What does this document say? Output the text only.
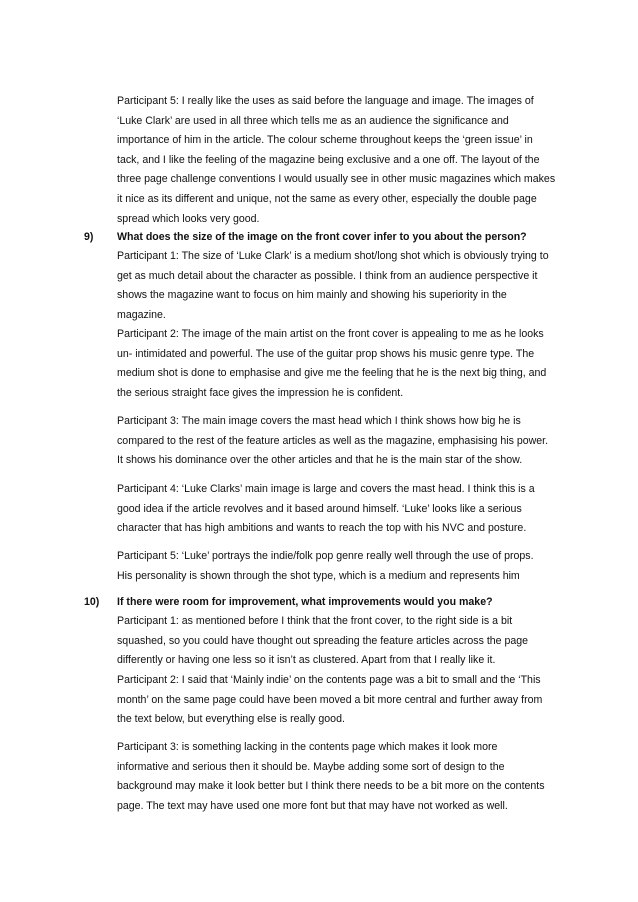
Participant 5: I really like the uses as said before the language and image. The images of
‘Luke Clark’ are used in all three which tells me as an audience the significance and
importance of him in the article. The colour scheme throughout keeps the ‘green issue’ in
tack, and I like the feeling of the magazine being exclusive and a one off. The layout of the
three page challenge conventions I would usually see in other music magazines which makes
it nice as its different and unique, not the same as every other, especially the double page
spread which looks very good.
9) What does the size of the image on the front cover infer to you about the person?
Participant 1: The size of ‘Luke Clark’ is a medium shot/long shot which is obviously trying to
get as much detail about the character as possible. I think from an audience perspective it
shows the magazine want to focus on him mainly and showing his superiority in the
magazine.
Participant 2: The image of the main artist on the front cover is appealing to me as he looks
un- intimidated and powerful. The use of the guitar prop shows his music genre type. The
medium shot is done to emphasise and give me the feeling that he is the next big thing, and
the serious straight face gives the impression he is confident.
Participant 3: The main image covers the mast head which I think shows how big he is
compared to the rest of the feature articles as well as the magazine, emphasising his power.
It shows his dominance over the other articles and that he is the main star of the show.
Participant 4: ‘Luke Clarks’ main image is large and covers the mast head. I think this is a
good idea if the article revolves and it based around himself. ‘Luke’ looks like a serious
character that has high ambitions and wants to reach the top with his NVC and posture.
Participant 5: ‘Luke’ portrays the indie/folk pop genre really well through the use of props.
His personality is shown through the shot type, which is a medium and represents him
10) If there were room for improvement, what improvements would you make?
Participant 1: as mentioned before I think that the front cover, to the right side is a bit
squashed, so you could have thought out spreading the feature articles across the page
differently or having one less so it isn’t as clustered. Apart from that I really like it.
Participant 2: I said that ‘Mainly indie’ on the contents page was a bit to small and the ‘This
month’ on the same page could have been moved a bit more central and further away from
the text below, but everything else is really good.
Participant 3: is something lacking in the contents page which makes it look more
informative and serious then it should be. Maybe adding some sort of design to the
background may make it look better but I think there needs to be a bit more on the contents
page. The text may have used one more font but that may have not worked as well.
